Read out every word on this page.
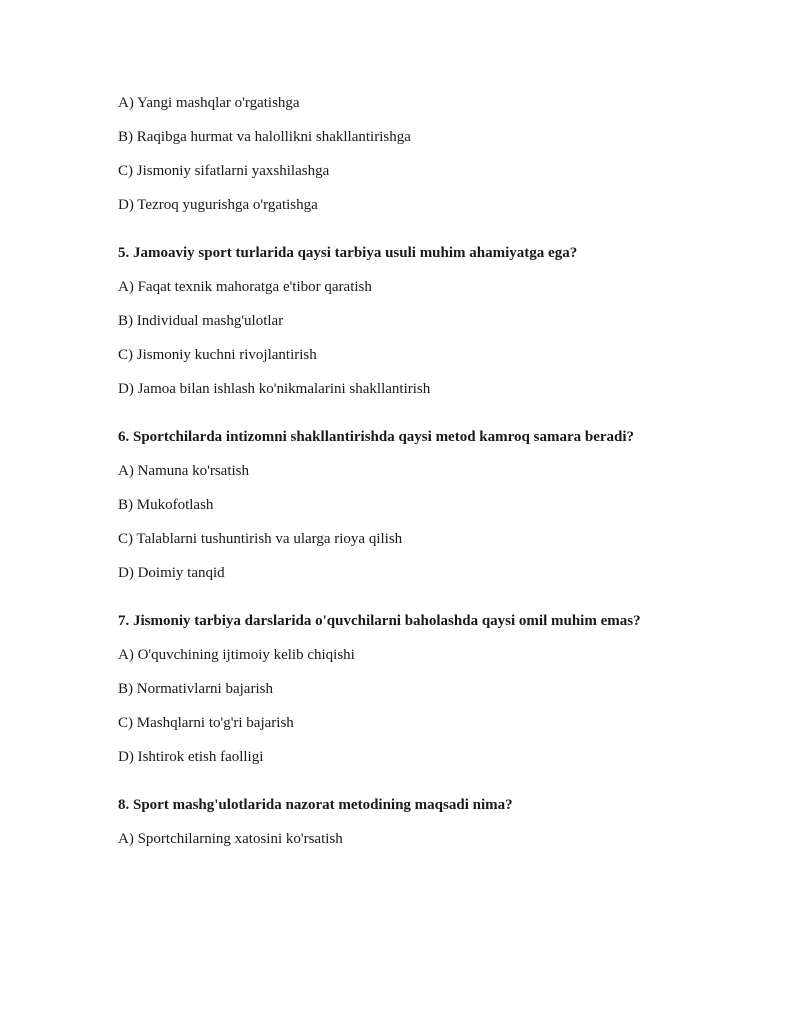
A) Yangi mashqlar o'rgatishga
B) Raqibga hurmat va halollikni shakllantirishga
C) Jismoniy sifatlarni yaxshilashga
D) Tezroq yugurishga o'rgatishga
5. Jamoaviy sport turlarida qaysi tarbiya usuli muhim ahamiyatga ega?
A) Faqat texnik mahoratga e'tibor qaratish
B) Individual mashg'ulotlar
C) Jismoniy kuchni rivojlantirish
D) Jamoa bilan ishlash ko'nikmalarini shakllantirish
6. Sportchilarda intizomni shakllantirishda qaysi metod kamroq samara beradi?
A) Namuna ko'rsatish
B) Mukofotlash
C) Talablarni tushuntirish va ularga rioya qilish
D) Doimiy tanqid
7. Jismoniy tarbiya darslarida o'quvchilarni baholashda qaysi omil muhim emas?
A) O'quvchining ijtimoiy kelib chiqishi
B) Normativlarni bajarish
C) Mashqlarni to'g'ri bajarish
D) Ishtirok etish faolligi
8. Sport mashg'ulotlarida nazorat metodining maqsadi nima?
A) Sportchilarning xatosini ko'rsatish
